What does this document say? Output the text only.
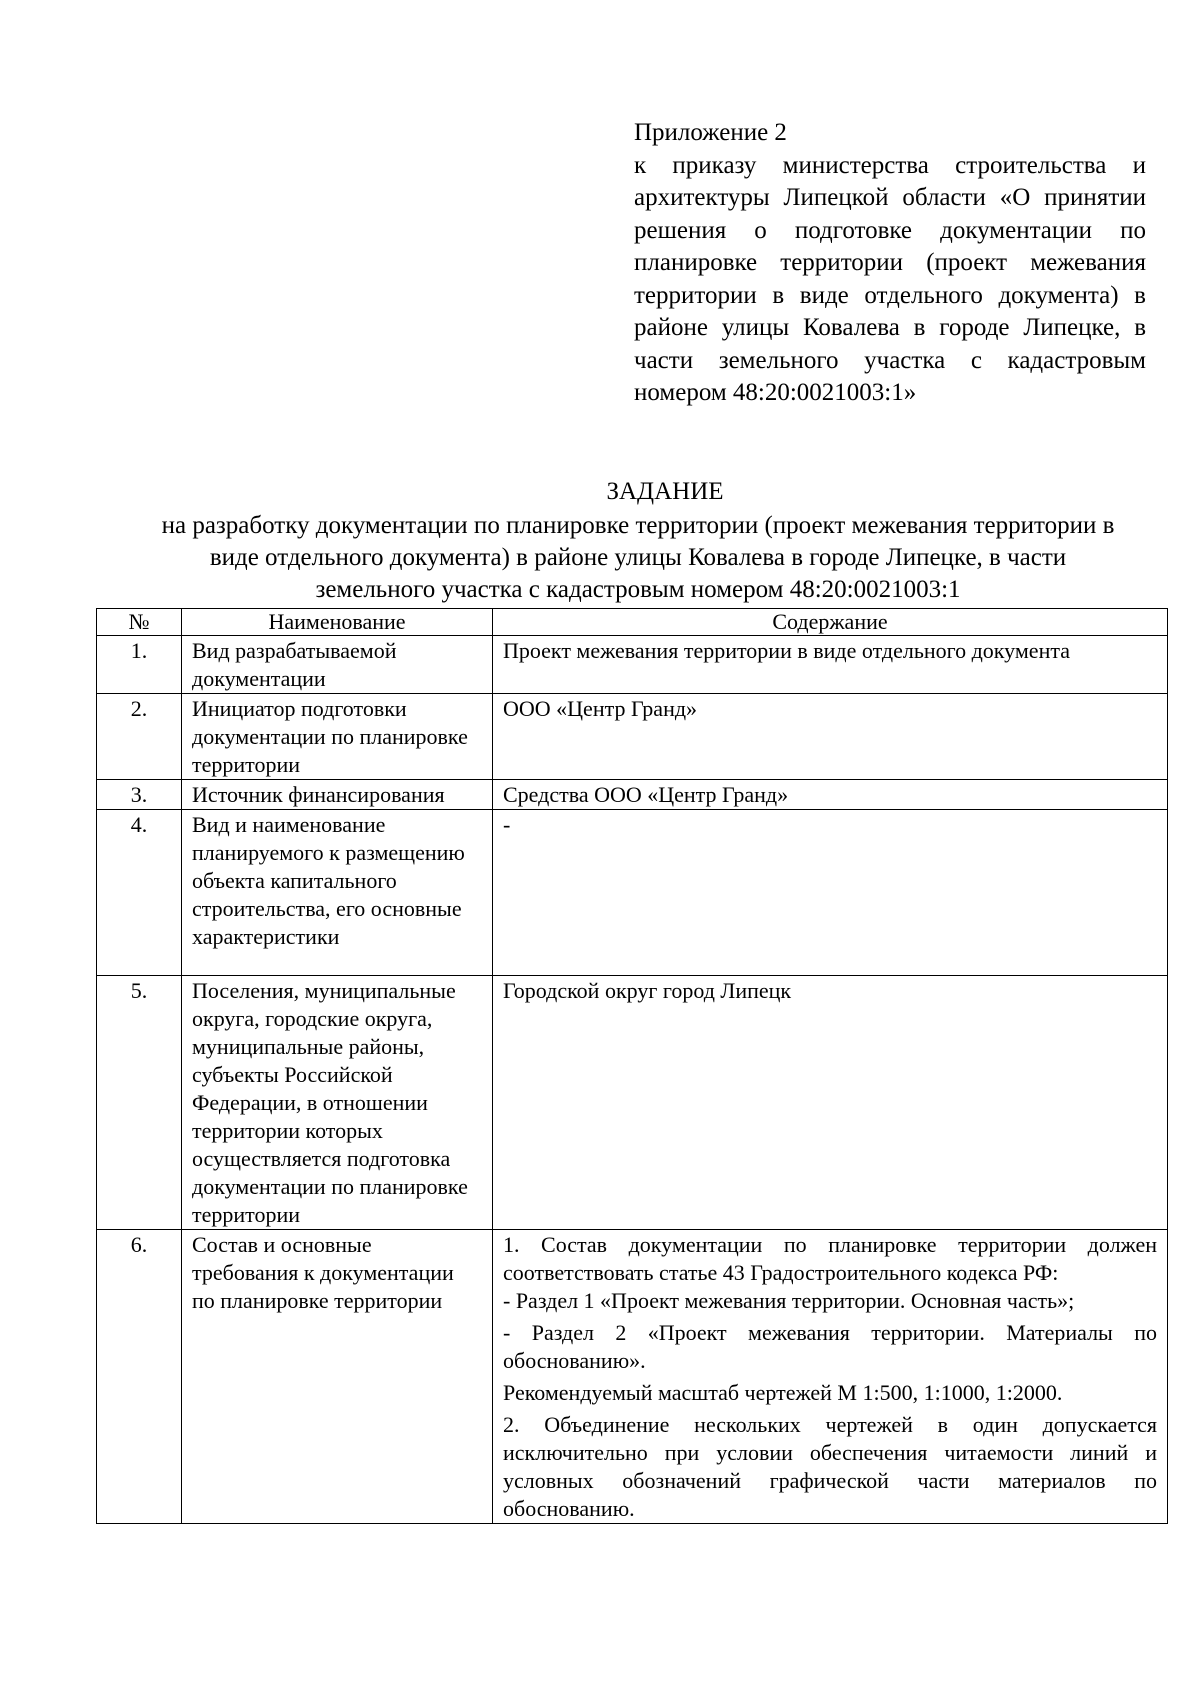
Приложение 2
к приказу министерства строительства и архитектуры Липецкой области «О принятии решения о подготовке документации по планировке территории (проект межевания территории в виде отдельного документа) в районе улицы Ковалева в городе Липецке, в части земельного участка с кадастровым номером 48:20:0021003:1»
ЗАДАНИЕ
на разработку документации по планировке территории (проект межевания территории в виде отдельного документа) в районе улицы Ковалева в городе Липецке, в части земельного участка с кадастровым номером 48:20:0021003:1
№	Наименование	Содержание
1.	Вид разрабатываемой документации	Проект межевания территории в виде отдельного документа
2.	Инициатор подготовки документации по планировке территории	ООО «Центр Гранд»
3.	Источник финансирования	Средства ООО «Центр Гранд»
4.	Вид и наименование планируемого к размещению объекта капитального строительства, его основные характеристики	-
5.	Поселения, муниципальные округа, городские округа, муниципальные районы, субъекты Российской Федерации, в отношении территории которых осуществляется подготовка документации по планировке территории	Городской округ город Липецк
6.	Состав и основные требования к документации по планировке территории	1. Состав документации по планировке территории должен соответствовать статье 43 Градостроительного кодекса РФ:

- Раздел 1 «Проект межевания территории. Основная часть»;

- Раздел 2 «Проект межевания территории. Материалы по обоснованию».

Рекомендуемый масштаб чертежей М 1:500, 1:1000, 1:2000.

2. Объединение нескольких чертежей в один допускается исключительно при условии обеспечения читаемости линий и условных обозначений графической части материалов по обоснованию.
